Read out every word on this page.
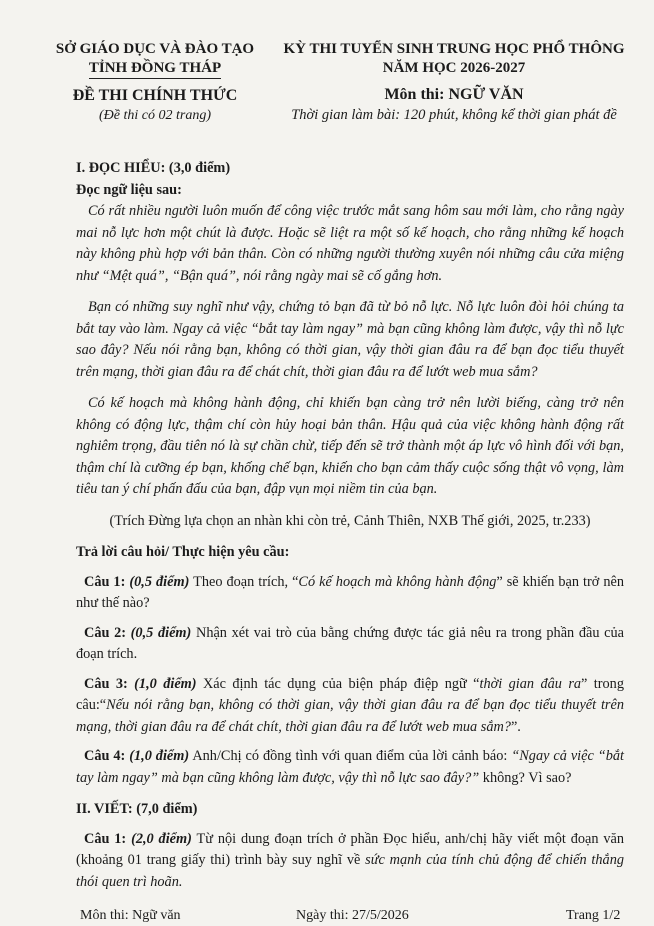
SỞ GIÁO DỤC VÀ ĐÀO TẠO
TỈNH ĐỒNG THÁP
ĐỀ THI CHÍNH THỨC
(Đề thi có 02 trang)
KỲ THI TUYỂN SINH TRUNG HỌC PHỔ THÔNG
NĂM HỌC 2026-2027
Môn thi: NGỮ VĂN
Thời gian làm bài: 120 phút, không kể thời gian phát đề

I. ĐỌC HIỂU: (3,0 điểm)

Đọc ngữ liệu sau:

Có rất nhiều người luôn muốn để công việc trước mắt sang hôm sau mới làm, cho rằng ngày mai nỗ lực hơn một chút là được. Hoặc sẽ liệt ra một số kế hoạch, cho rằng những kế hoạch này không phù hợp với bản thân. Còn có những người thường xuyên nói những câu cửa miệng như “Mệt quá”, “Bận quá”, nói rằng ngày mai sẽ cố gắng hơn.

Bạn có những suy nghĩ như vậy, chứng tỏ bạn đã từ bỏ nỗ lực. Nỗ lực luôn đòi hỏi chúng ta bắt tay vào làm. Ngay cả việc “bắt tay làm ngay” mà bạn cũng không làm được, vậy thì nỗ lực sao đây? Nếu nói rằng bạn, không có thời gian, vậy thời gian đâu ra để bạn đọc tiểu thuyết trên mạng, thời gian đâu ra để chát chít, thời gian đâu ra để lướt web mua sắm?

Có kế hoạch mà không hành động, chỉ khiến bạn càng trở nên lười biếng, càng trở nên không có động lực, thậm chí còn hủy hoại bản thân. Hậu quả của việc không hành động rất nghiêm trọng, đầu tiên nó là sự chần chừ, tiếp đến sẽ trở thành một áp lực vô hình đối với bạn, thậm chí là cưỡng ép bạn, khống chế bạn, khiến cho bạn cảm thấy cuộc sống thật vô vọng, làm tiêu tan ý chí phấn đấu của bạn, đập vụn mọi niềm tin của bạn.

(Trích Đừng lựa chọn an nhàn khi còn trẻ, Cảnh Thiên, NXB Thế giới, 2025, tr.233)

Trả lời câu hỏi/ Thực hiện yêu cầu:

Câu 1: (0,5 điểm) Theo đoạn trích, “Có kế hoạch mà không hành động” sẽ khiến bạn trở nên như thế nào?

Câu 2: (0,5 điểm) Nhận xét vai trò của bằng chứng được tác giả nêu ra trong phần đầu của đoạn trích.

Câu 3: (1,0 điểm) Xác định tác dụng của biện pháp điệp ngữ “thời gian đâu ra” trong câu:“Nếu nói rằng bạn, không có thời gian, vậy thời gian đâu ra để bạn đọc tiểu thuyết trên mạng, thời gian đâu ra để chát chít, thời gian đâu ra để lướt web mua sắm?”.

Câu 4: (1,0 điểm) Anh/Chị có đồng tình với quan điểm của lời cảnh báo: “Ngay cả việc “bắt tay làm ngay” mà bạn cũng không làm được, vậy thì nỗ lực sao đây?” không? Vì sao?

II. VIẾT: (7,0 điểm)

Câu 1: (2,0 điểm) Từ nội dung đoạn trích ở phần Đọc hiểu, anh/chị hãy viết một đoạn văn (khoảng 01 trang giấy thi) trình bày suy nghĩ về sức mạnh của tính chủ động để chiến thắng thói quen trì hoãn.

Môn thi: Ngữ văn	Ngày thi: 27/5/2026	Trang 1/2
